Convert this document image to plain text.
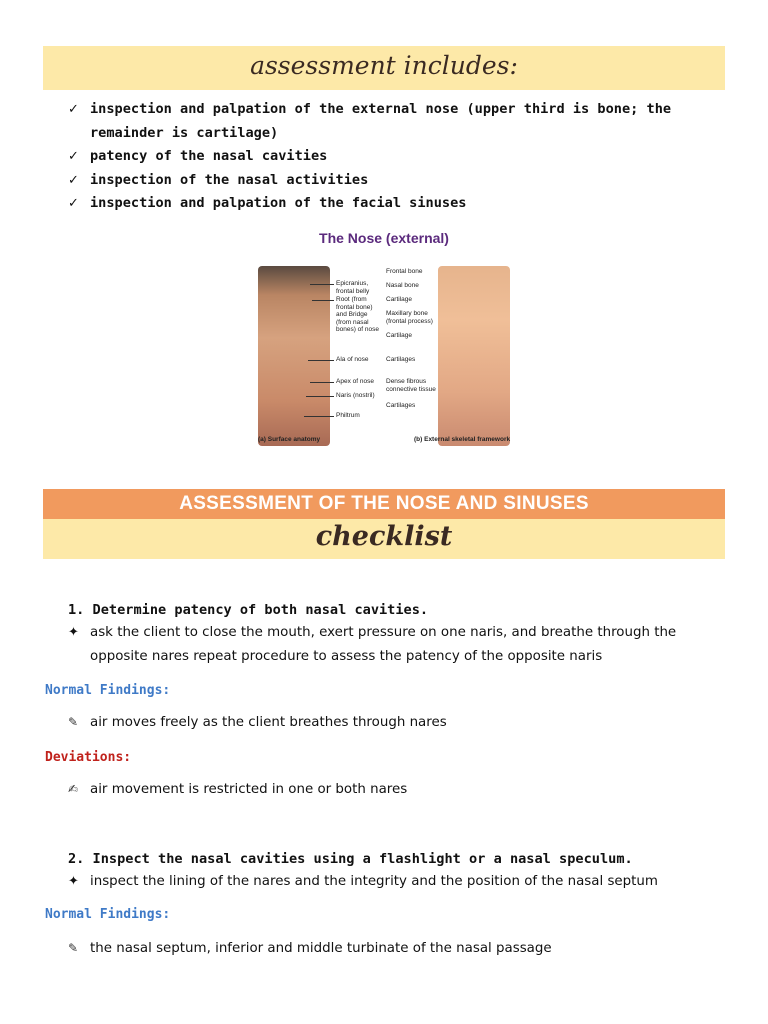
assessment includes:
✓ inspection and palpation of the external nose (upper third is bone; the remainder is cartilage)
✓ patency of the nasal cavities
✓ inspection of the nasal activities
✓ inspection and palpation of the facial sinuses
The Nose (external)
Epicranius, frontal belly
Root (from frontal bone) and Bridge (from nasal bones) of nose
Ala of nose
Apex of nose
Naris (nostril)
Philtrum
Frontal bone
Nasal bone
Cartilage
Maxillary bone (frontal process)
Cartilage
Cartilages
Dense fibrous connective tissue
Cartilages
(a) Surface anatomy	(b) External skeletal framework
ASSESSMENT OF THE NOSE AND SINUSES
checklist
1. Determine patency of both nasal cavities.
✦ ask the client to close the mouth, exert pressure on one naris, and breathe through the opposite nares repeat procedure to assess the patency of the opposite naris
Normal Findings:
✎ air moves freely as the client breathes through nares
Deviations:
✍ air movement is restricted in one or both nares
2. Inspect the nasal cavities using a flashlight or a nasal speculum.
✦ inspect the lining of the nares and the integrity and the position of the nasal septum
Normal Findings:
✎ the nasal septum, inferior and middle turbinate of the nasal passage
